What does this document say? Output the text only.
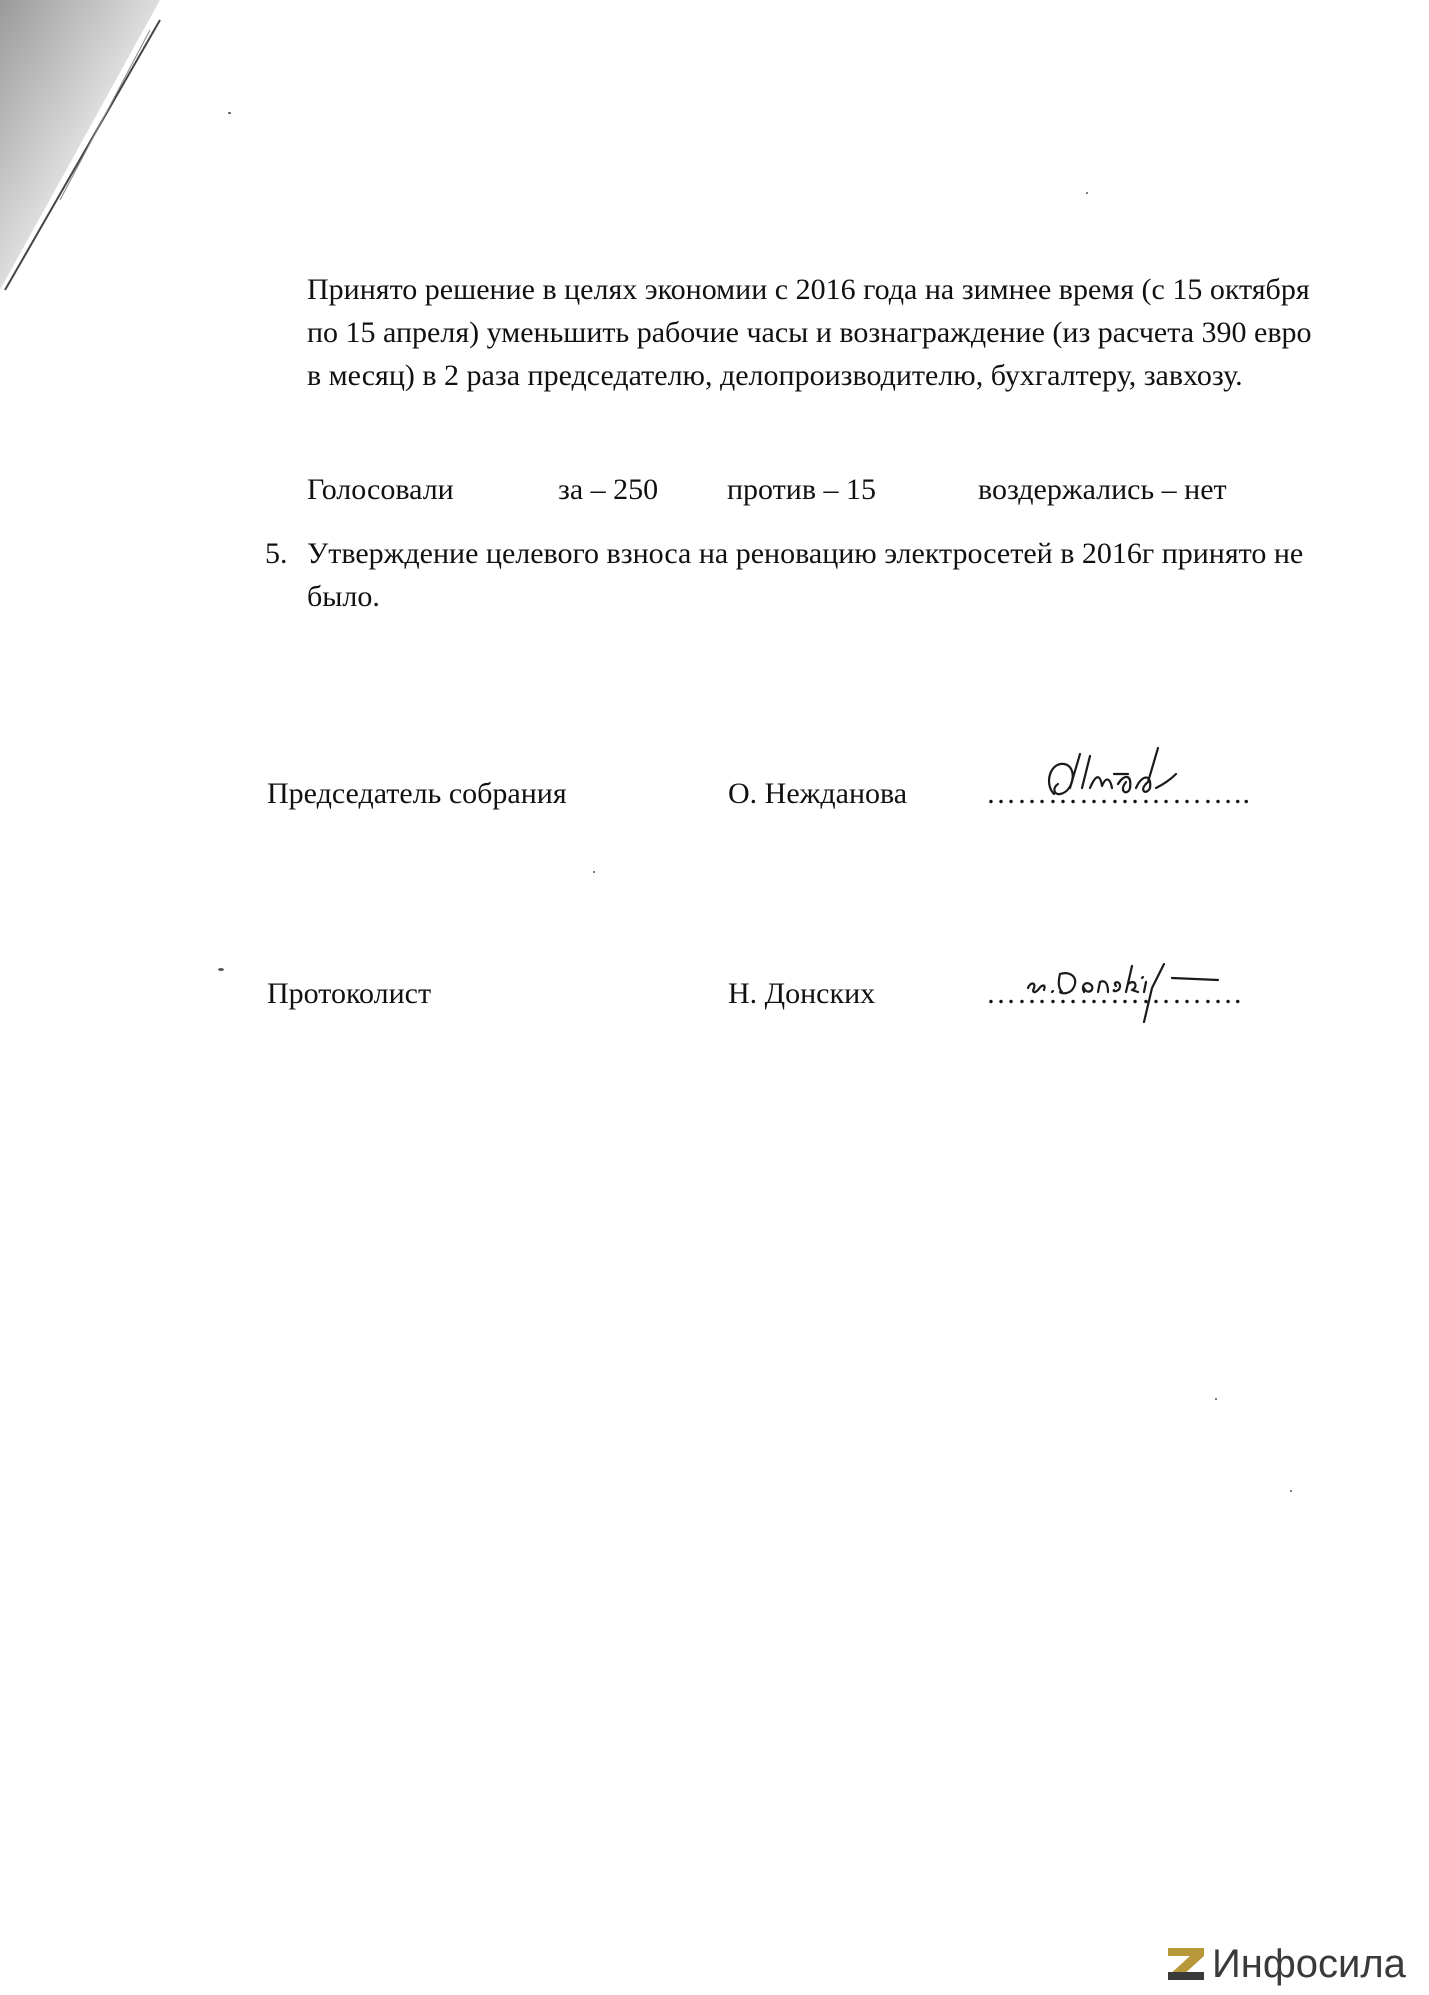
Принято решение в целях экономии с 2016 года на зимнее время (с 15 октября по 15 апреля) уменьшить рабочие часы и вознаграждение (из расчета 390 евро в месяц) в 2 раза председателю, делопроизводителю, бухгалтеру, завхозу.

Голосовали	за – 250 против – 15	воздержались – нет
5. Утверждение целевого взноса на реновацию электросетей в 2016г принято не было.
Председатель собрания	О. Нежданова	……………………..
Протоколист	Н. Донских	…………………….
Инфосила
